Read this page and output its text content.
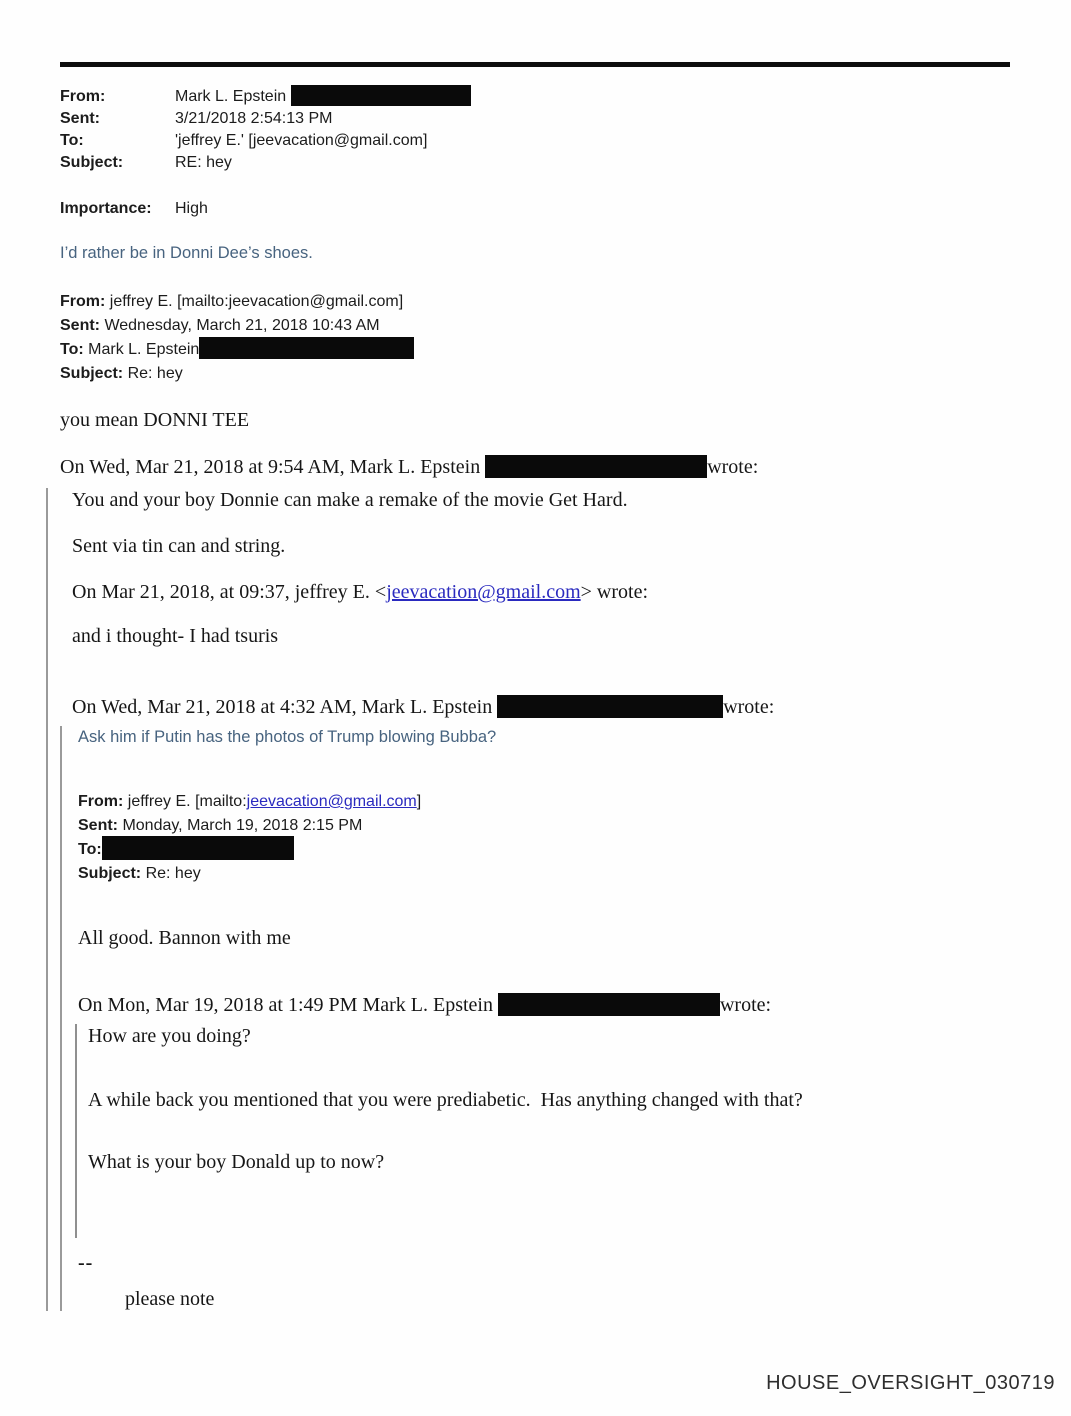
From:	Mark L. Epstein
Sent:	3/21/2018 2:54:13 PM
To:	'jeffrey E.' [jeevacation@gmail.com]
Subject:	RE: hey
Importance:	High
I’d rather be in Donni Dee’s shoes.
From: jeffrey E. [mailto:jeevacation@gmail.com]
Sent: Wednesday, March 21, 2018 10:43 AM
To: Mark L. Epstein
Subject: Re: hey
you mean DONNI TEE
On Wed, Mar 21, 2018 at 9:54 AM, Mark L. Epstein	wrote:
You and your boy Donnie can make a remake of the movie Get Hard.
Sent via tin can and string.
On Mar 21, 2018, at 09:37, jeffrey E. <jeevacation@gmail.com> wrote:
and i thought- I had tsuris
On Wed, Mar 21, 2018 at 4:32 AM, Mark L. Epstein	wrote:
Ask him if Putin has the photos of Trump blowing Bubba?
From: jeffrey E. [mailto:jeevacation@gmail.com]
Sent: Monday, March 19, 2018 2:15 PM
To:
Subject: Re: hey
All good. Bannon with me
On Mon, Mar 19, 2018 at 1:49 PM Mark L. Epstein	wrote:
How are you doing?
A while back you mentioned that you were prediabetic.  Has anything changed with that?
What is your boy Donald up to now?
--
please note
HOUSE_OVERSIGHT_030719
